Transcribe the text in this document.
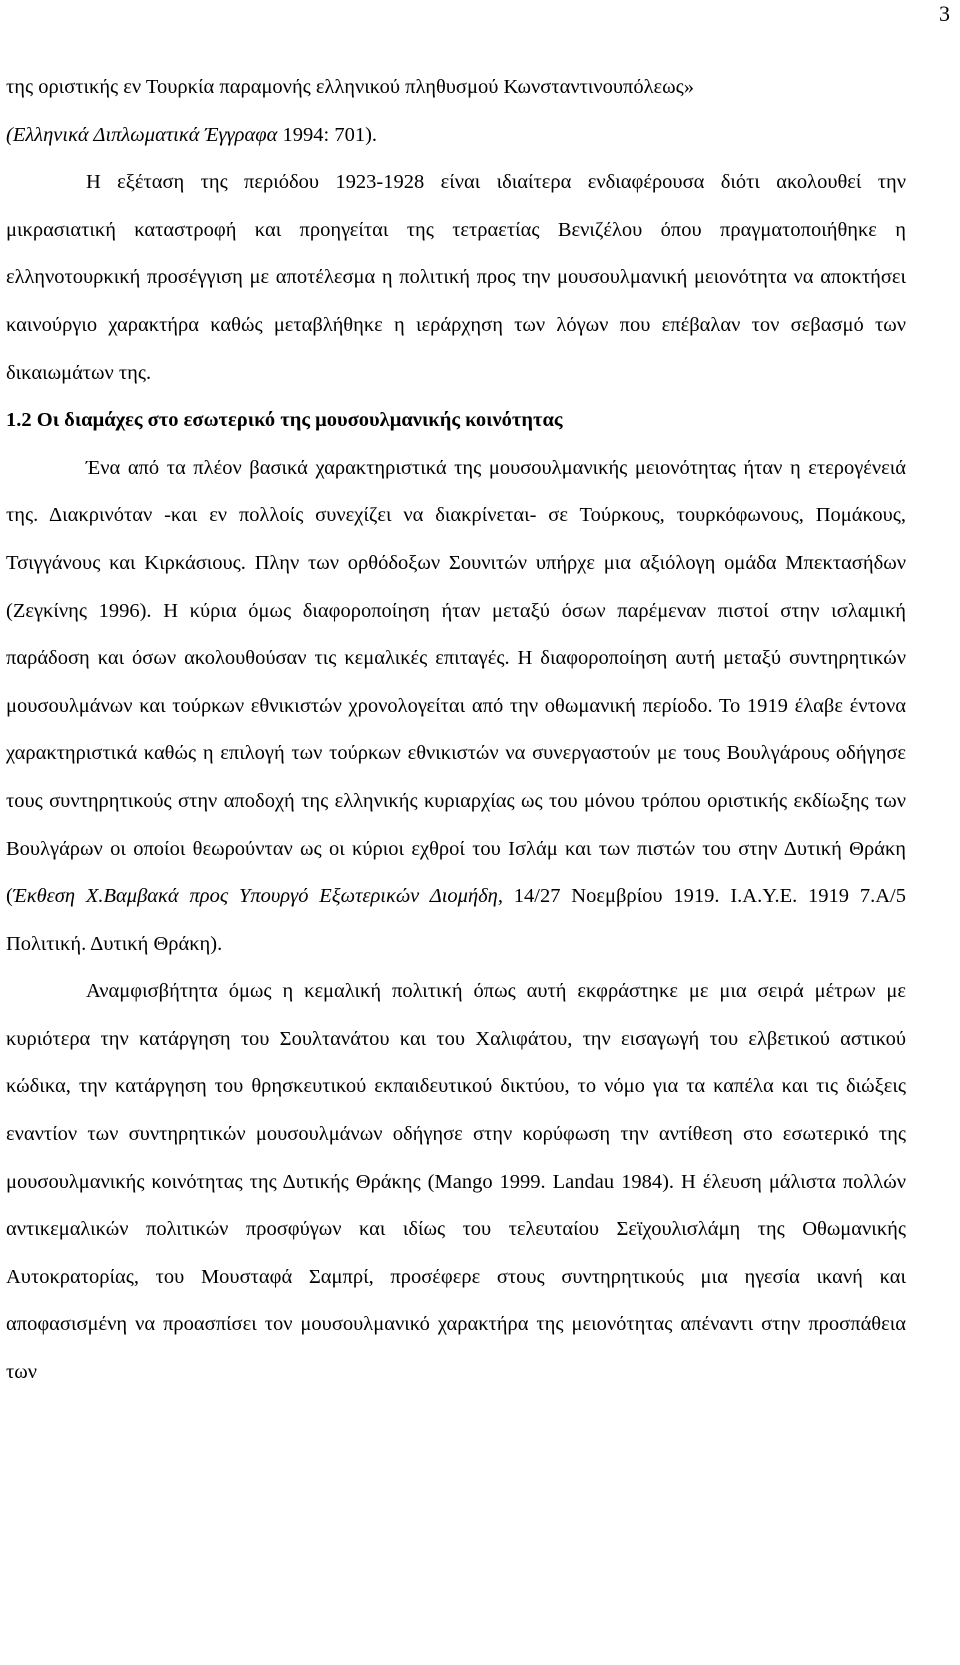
3
της οριστικής εν Τουρκία παραμονής ελληνικού πληθυσμού Κωνσταντινουπόλεως»
(Ελληνικά Διπλωματικά Έγγραφα 1994: 701).

Η εξέταση της περιόδου 1923-1928 είναι ιδιαίτερα ενδιαφέρουσα διότι ακολουθεί την μικρασιατική καταστροφή και προηγείται της τετραετίας Βενιζέλου όπου πραγματοποιήθηκε η ελληνοτουρκική προσέγγιση με αποτέλεσμα η πολιτική προς την μουσουλμανική μειονότητα να αποκτήσει καινούργιο χαρακτήρα καθώς μεταβλήθηκε η ιεράρχηση των λόγων που επέβαλαν τον σεβασμό των δικαιωμάτων της.

1.2 Οι διαμάχες στο εσωτερικό της μουσουλμανικής κοινότητας

Ένα από τα πλέον βασικά χαρακτηριστικά της μουσουλμανικής μειονότητας ήταν η ετερογένειά της. Διακρινόταν -και εν πολλοίς συνεχίζει να διακρίνεται- σε Τούρκους, τουρκόφωνους, Πομάκους, Τσιγγάνους και Κιρκάσιους. Πλην των ορθόδοξων Σουνιτών υπήρχε μια αξιόλογη ομάδα Μπεκτασήδων (Ζεγκίνης 1996). Η κύρια όμως διαφοροποίηση ήταν μεταξύ όσων παρέμεναν πιστοί στην ισλαμική παράδοση και όσων ακολουθούσαν τις κεμαλικές επιταγές. Η διαφοροποίηση αυτή μεταξύ συντηρητικών μουσουλμάνων και τούρκων εθνικιστών χρονολογείται από την οθωμανική περίοδο. Το 1919 έλαβε έντονα χαρακτηριστικά καθώς η επιλογή των τούρκων εθνικιστών να συνεργαστούν με τους Βουλγάρους οδήγησε τους συντηρητικούς στην αποδοχή της ελληνικής κυριαρχίας ως του μόνου τρόπου οριστικής εκδίωξης των Βουλγάρων οι οποίοι θεωρούνταν ως οι κύριοι εχθροί του Ισλάμ και των πιστών του στην Δυτική Θράκη (Έκθεση Χ.Βαμβακά προς Υπουργό Εξωτερικών Διομήδη, 14/27 Νοεμβρίου 1919. Ι.Α.Υ.Ε. 1919 7.Α/5 Πολιτική. Δυτική Θράκη).

Αναμφισβήτητα όμως η κεμαλική πολιτική όπως αυτή εκφράστηκε με μια σειρά μέτρων με κυριότερα την κατάργηση του Σουλτανάτου και του Χαλιφάτου, την εισαγωγή του ελβετικού αστικού κώδικα, την κατάργηση του θρησκευτικού εκπαιδευτικού δικτύου, το νόμο για τα καπέλα και τις διώξεις εναντίον των συντηρητικών μουσουλμάνων οδήγησε στην κορύφωση την αντίθεση στο εσωτερικό της μουσουλμανικής κοινότητας της Δυτικής Θράκης (Mango 1999. Landau 1984). Η έλευση μάλιστα πολλών αντικεμαλικών πολιτικών προσφύγων και ιδίως του τελευταίου Σεϊχουλισλάμη της Οθωμανικής Αυτοκρατορίας, του Μουσταφά Σαμπρί, προσέφερε στους συντηρητικούς μια ηγεσία ικανή και αποφασισμένη να προασπίσει τον μουσουλμανικό χαρακτήρα της μειονότητας απέναντι στην προσπάθεια των
